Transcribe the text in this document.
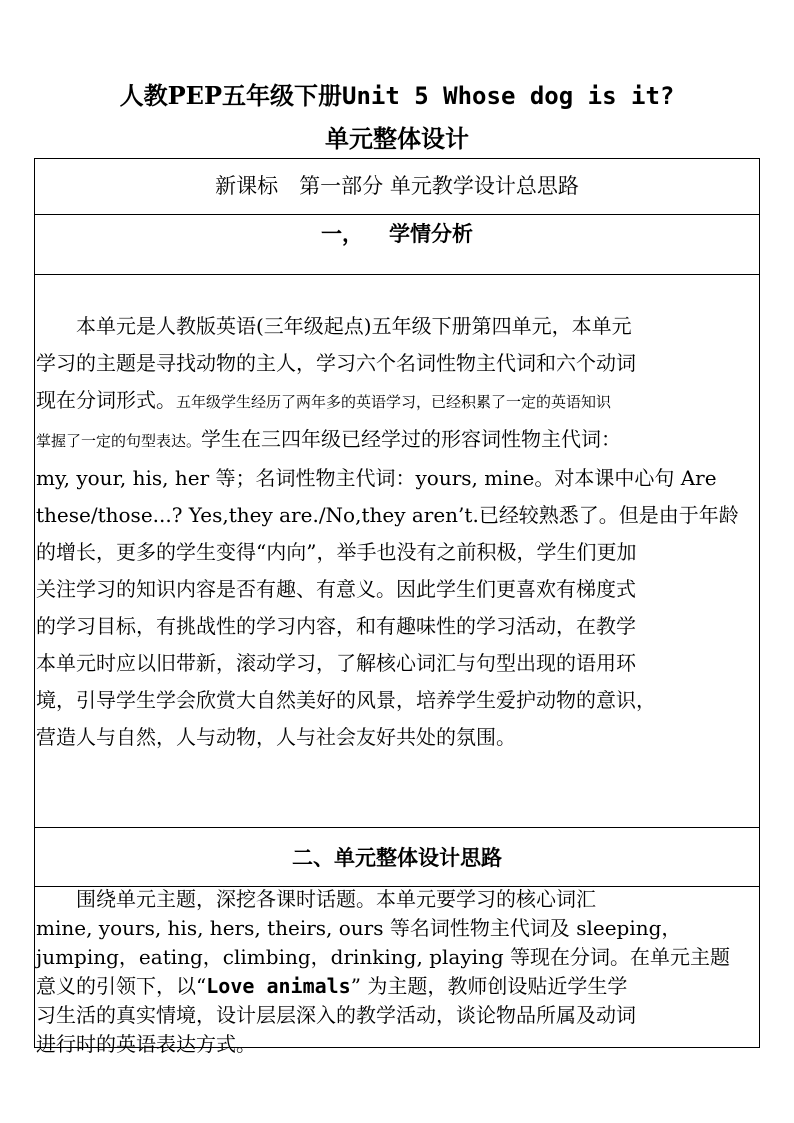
人教PEP五年级下册Unit 5 Whose dog is it?
单元整体设计
新课标　第一部分 单元教学设计总思路
一， 学情分析
　　本单元是人教版英语(三年级起点)五年级下册第四单元，本单元
学习的主题是寻找动物的主人，学习六个名词性物主代词和六个动词
现在分词形式。五年级学生经历了两年多的英语学习，已经积累了一定的英语知识
掌握了一定的句型表达。学生在三四年级已经学过的形容词性物主代词：
my, your, his, her 等；名词性物主代词：yours, mine。对本课中心句 Are
these/those...? Yes,they are./No,they aren’t.已经较熟悉了。但是由于年龄
的增长，更多的学生变得“内向”，举手也没有之前积极，学生们更加
关注学习的知识内容是否有趣、有意义。因此学生们更喜欢有梯度式
的学习目标，有挑战性的学习内容，和有趣味性的学习活动，在教学
本单元时应以旧带新，滚动学习，了解核心词汇与句型出现的语用环
境，引导学生学会欣赏大自然美好的风景，培养学生爱护动物的意识，
营造人与自然，人与动物，人与社会友好共处的氛围。
二、单元整体设计思路
　　围绕单元主题，深挖各课时话题。本单元要学习的核心词汇
mine, yours, his, hers, theirs, ours 等名词性物主代词及 sleeping，
jumping，eating，climbing，drinking, playing 等现在分词。在单元主题
意义的引领下，以“Love animals” 为主题，教师创设贴近学生学
习生活的真实情境，设计层层深入的教学活动，谈论物品所属及动词
进行时的英语表达方式。
